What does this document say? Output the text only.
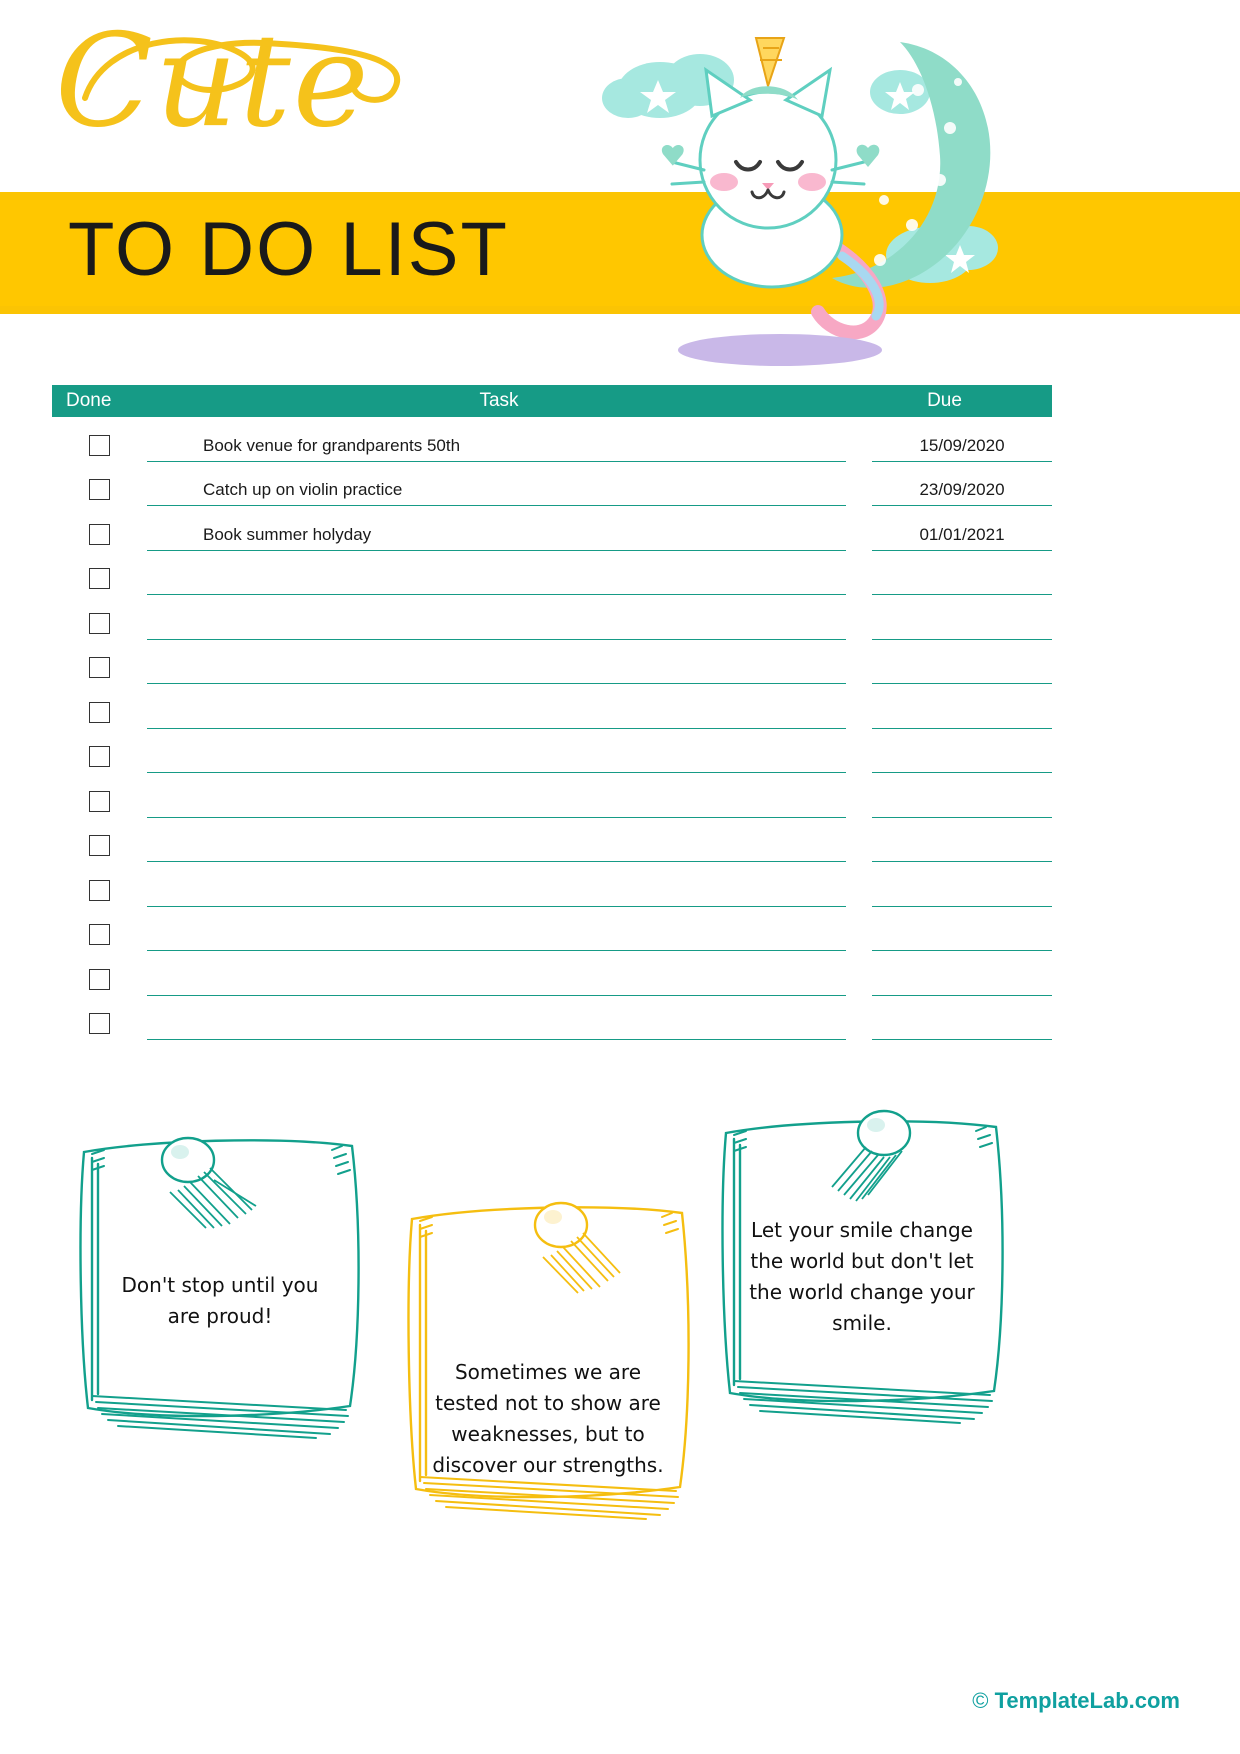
Cute
TO DO LIST
Done	Task	Due
Book venue for grandparents 50th	15/09/2020
Catch up on violin practice	23/09/2020
Book summer holyday	01/01/2021
Don't stop until you are proud!
Sometimes we are tested not to show are weaknesses, but to discover our strengths.
Let your smile change the world but don't let the world change your smile.
© TemplateLab.com
